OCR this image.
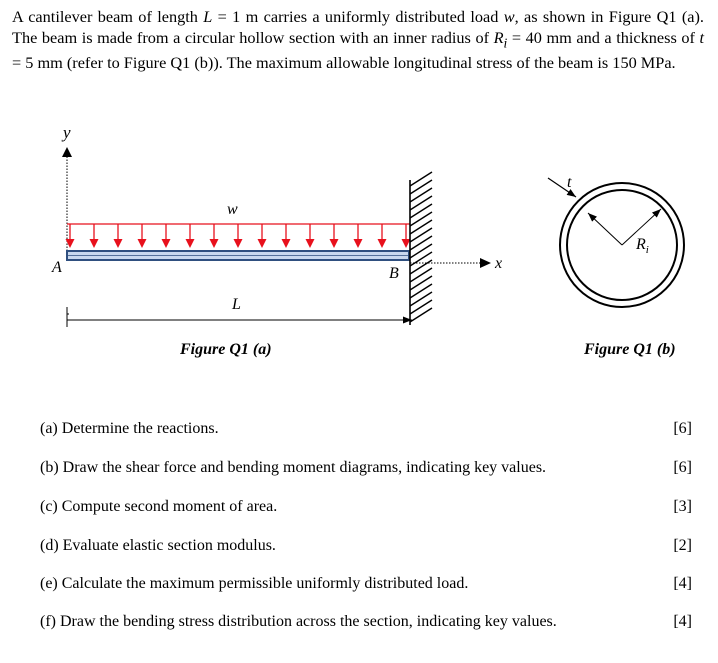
A cantilever beam of length L = 1 m carries a uniformly distributed load w, as shown in Figure Q1 (a). The beam is made from a circular hollow section with an inner radius of $R_i = 40$ mm and a thickness of t = 5 mm (refer to Figure Q1 (b)). The maximum allowable longitudinal stress of the beam is 150 MPa.
y
w
x
A	B
L
t
$R_i$
Figure Q1 (a)	Figure Q1 (b)
(a) Determine the reactions.	[6]
(b) Draw the shear force and bending moment diagrams, indicating key values.	[6]
(c) Compute second moment of area.	[3]
(d) Evaluate elastic section modulus.	[2]
(e) Calculate the maximum permissible uniformly distributed load.	[4]
(f) Draw the bending stress distribution across the section, indicating key values.	[4]
